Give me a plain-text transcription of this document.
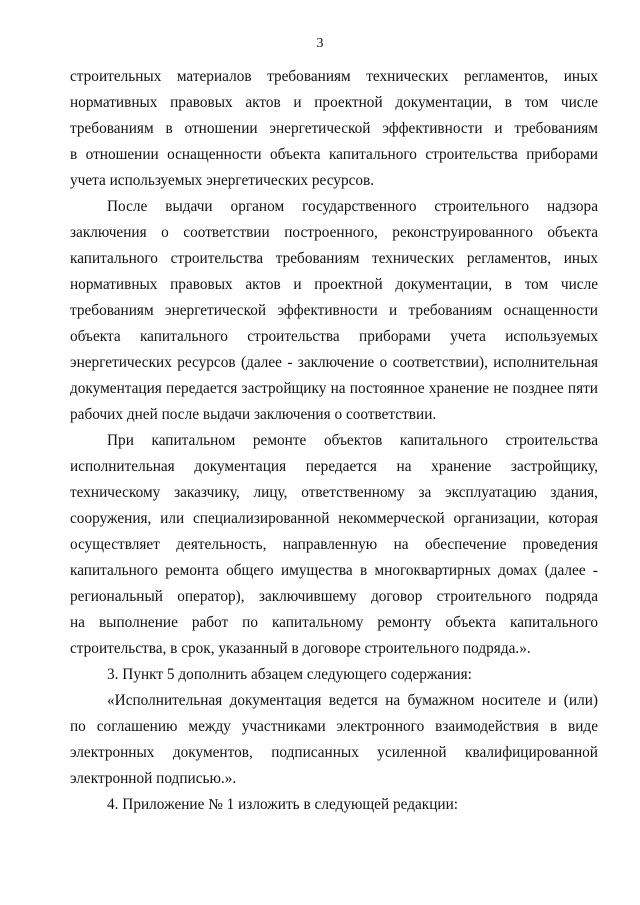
3
строительных материалов требованиям технических регламентов, иных
нормативных правовых актов и проектной документации, в том числе
требованиям в отношении энергетической эффективности и требованиям
в отношении оснащенности объекта капитального строительства приборами
учета используемых энергетических ресурсов.
После выдачи органом государственного строительного надзора
заключения о соответствии построенного, реконструированного объекта
капитального строительства требованиям технических регламентов, иных
нормативных правовых актов и проектной документации, в том числе
требованиям энергетической эффективности и требованиям оснащенности
объекта капитального строительства приборами учета используемых
энергетических ресурсов (далее - заключение о соответствии), исполнительная
документация передается застройщику на постоянное хранение не позднее пяти
рабочих дней после выдачи заключения о соответствии.
При капитальном ремонте объектов капитального строительства
исполнительная документация передается на хранение застройщику,
техническому заказчику, лицу, ответственному за эксплуатацию здания,
сооружения, или специализированной некоммерческой организации, которая
осуществляет деятельность, направленную на обеспечение проведения
капитального ремонта общего имущества в многоквартирных домах (далее -
региональный оператор), заключившему договор строительного подряда
на выполнение работ по капитальному ремонту объекта капитального
строительства, в срок, указанный в договоре строительного подряда.».
3. Пункт 5 дополнить абзацем следующего содержания:
«Исполнительная документация ведется на бумажном носителе и (или)
по соглашению между участниками электронного взаимодействия в виде
электронных документов, подписанных усиленной квалифицированной
электронной подписью.».
4. Приложение № 1 изложить в следующей редакции:
